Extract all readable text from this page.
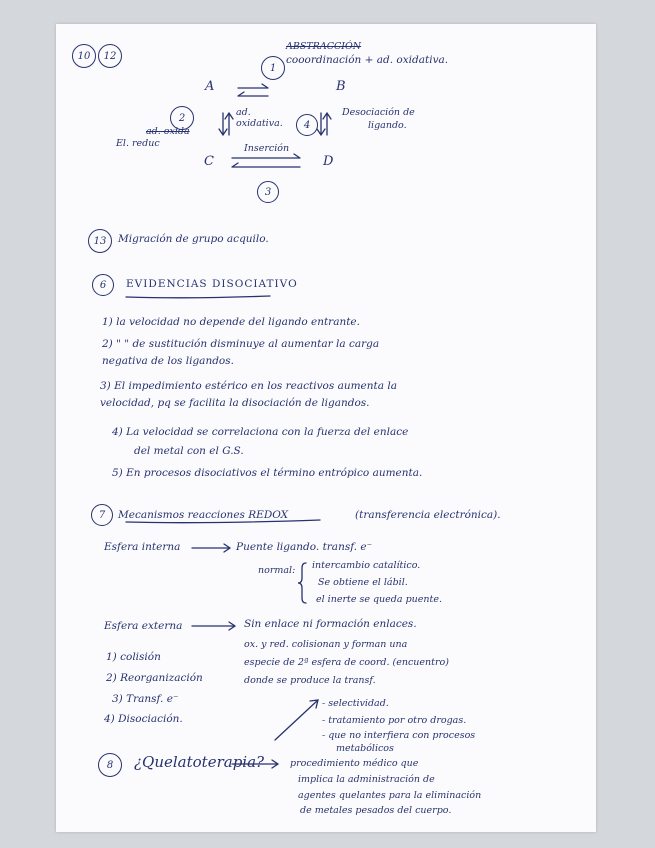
10 12
1
ABSTRACCIÓN
cooordinación + ad. oxidativa.
A	B
2	ad.
oxidativa.
ad. oxida
El. reduc
4
Desociación de
ligando.
Inserción
C	D
3
13 Migración de grupo acquilo.
6 EVIDENCIAS DISOCIATIVO
1) la velocidad no depende del ligando entrante.
2) " " de sustitución disminuye al aumentar la carga
negativa de los ligandos.
3) El impedimiento estérico en los reactivos aumenta la
velocidad, pq se facilita la disociación de ligandos.
4) La velocidad se correlaciona con la fuerza del enlace
del metal con el G.S.
5) En procesos disociativos el término entrópico aumenta.
7 Mecanismos reacciones REDOX	(transferencia electrónica).
Esfera interna	Puente ligando. transf. e⁻
normal: intercambio catalítico.
Se obtiene el lábil.
el inerte se queda puente.
Esfera externa	Sin enlace ni formación enlaces.
ox. y red. colisionan y forman una
especie de 2ª esfera de coord. (encuentro)
donde se produce la transf.
1) colisión
2) Reorganización
3) Transf. e⁻
4) Disociación.
- selectividad.
- tratamiento por otro drogas.
- que no interfiera con procesos
metabólicos
8 ¿Quelatoterapia?	procedimiento médico que
implica la administración de
agentes quelantes para la eliminación
de metales pesados del cuerpo.
